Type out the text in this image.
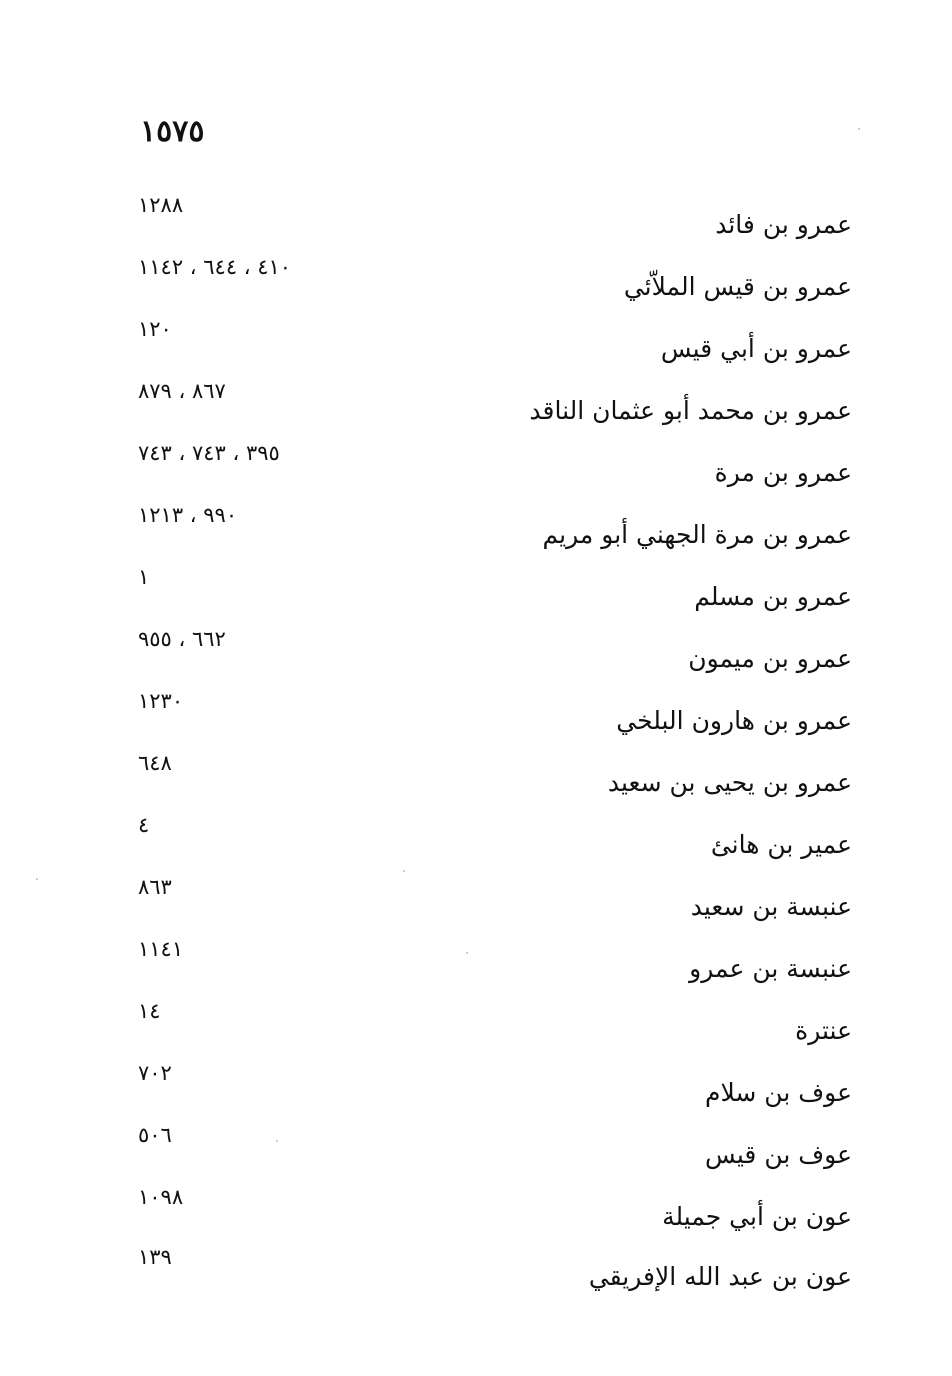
١٥٧٥
عمرو بن فائد
١٢٨٨
عمرو بن قيس الملاّئي
٤١٠ ، ٦٤٤ ، ١١٤٢
عمرو بن أبي قيس
١٢٠
عمرو بن محمد أبو عثمان الناقد
٨٦٧ ، ٨٧٩
عمرو بن مرة
٣٩٥ ، ٧٤٣ ، ٧٤٣
عمرو بن مرة الجهني أبو مريم
٩٩٠ ، ١٢١٣
عمرو بن مسلم
١
عمرو بن ميمون
٦٦٢ ، ٩٥٥
عمرو بن هارون البلخي
١٢٣٠
عمرو بن يحيى بن سعيد
٦٤٨
عمير بن هانئ
٤
عنبسة بن سعيد
٨٦٣
عنبسة بن عمرو
١١٤١
عنترة
١٤
عوف بن سلام
٧٠٢
عوف بن قيس
٥٠٦
عون بن أبي جميلة
١٠٩٨
عون بن عبد الله الإفريقي
١٣٩
